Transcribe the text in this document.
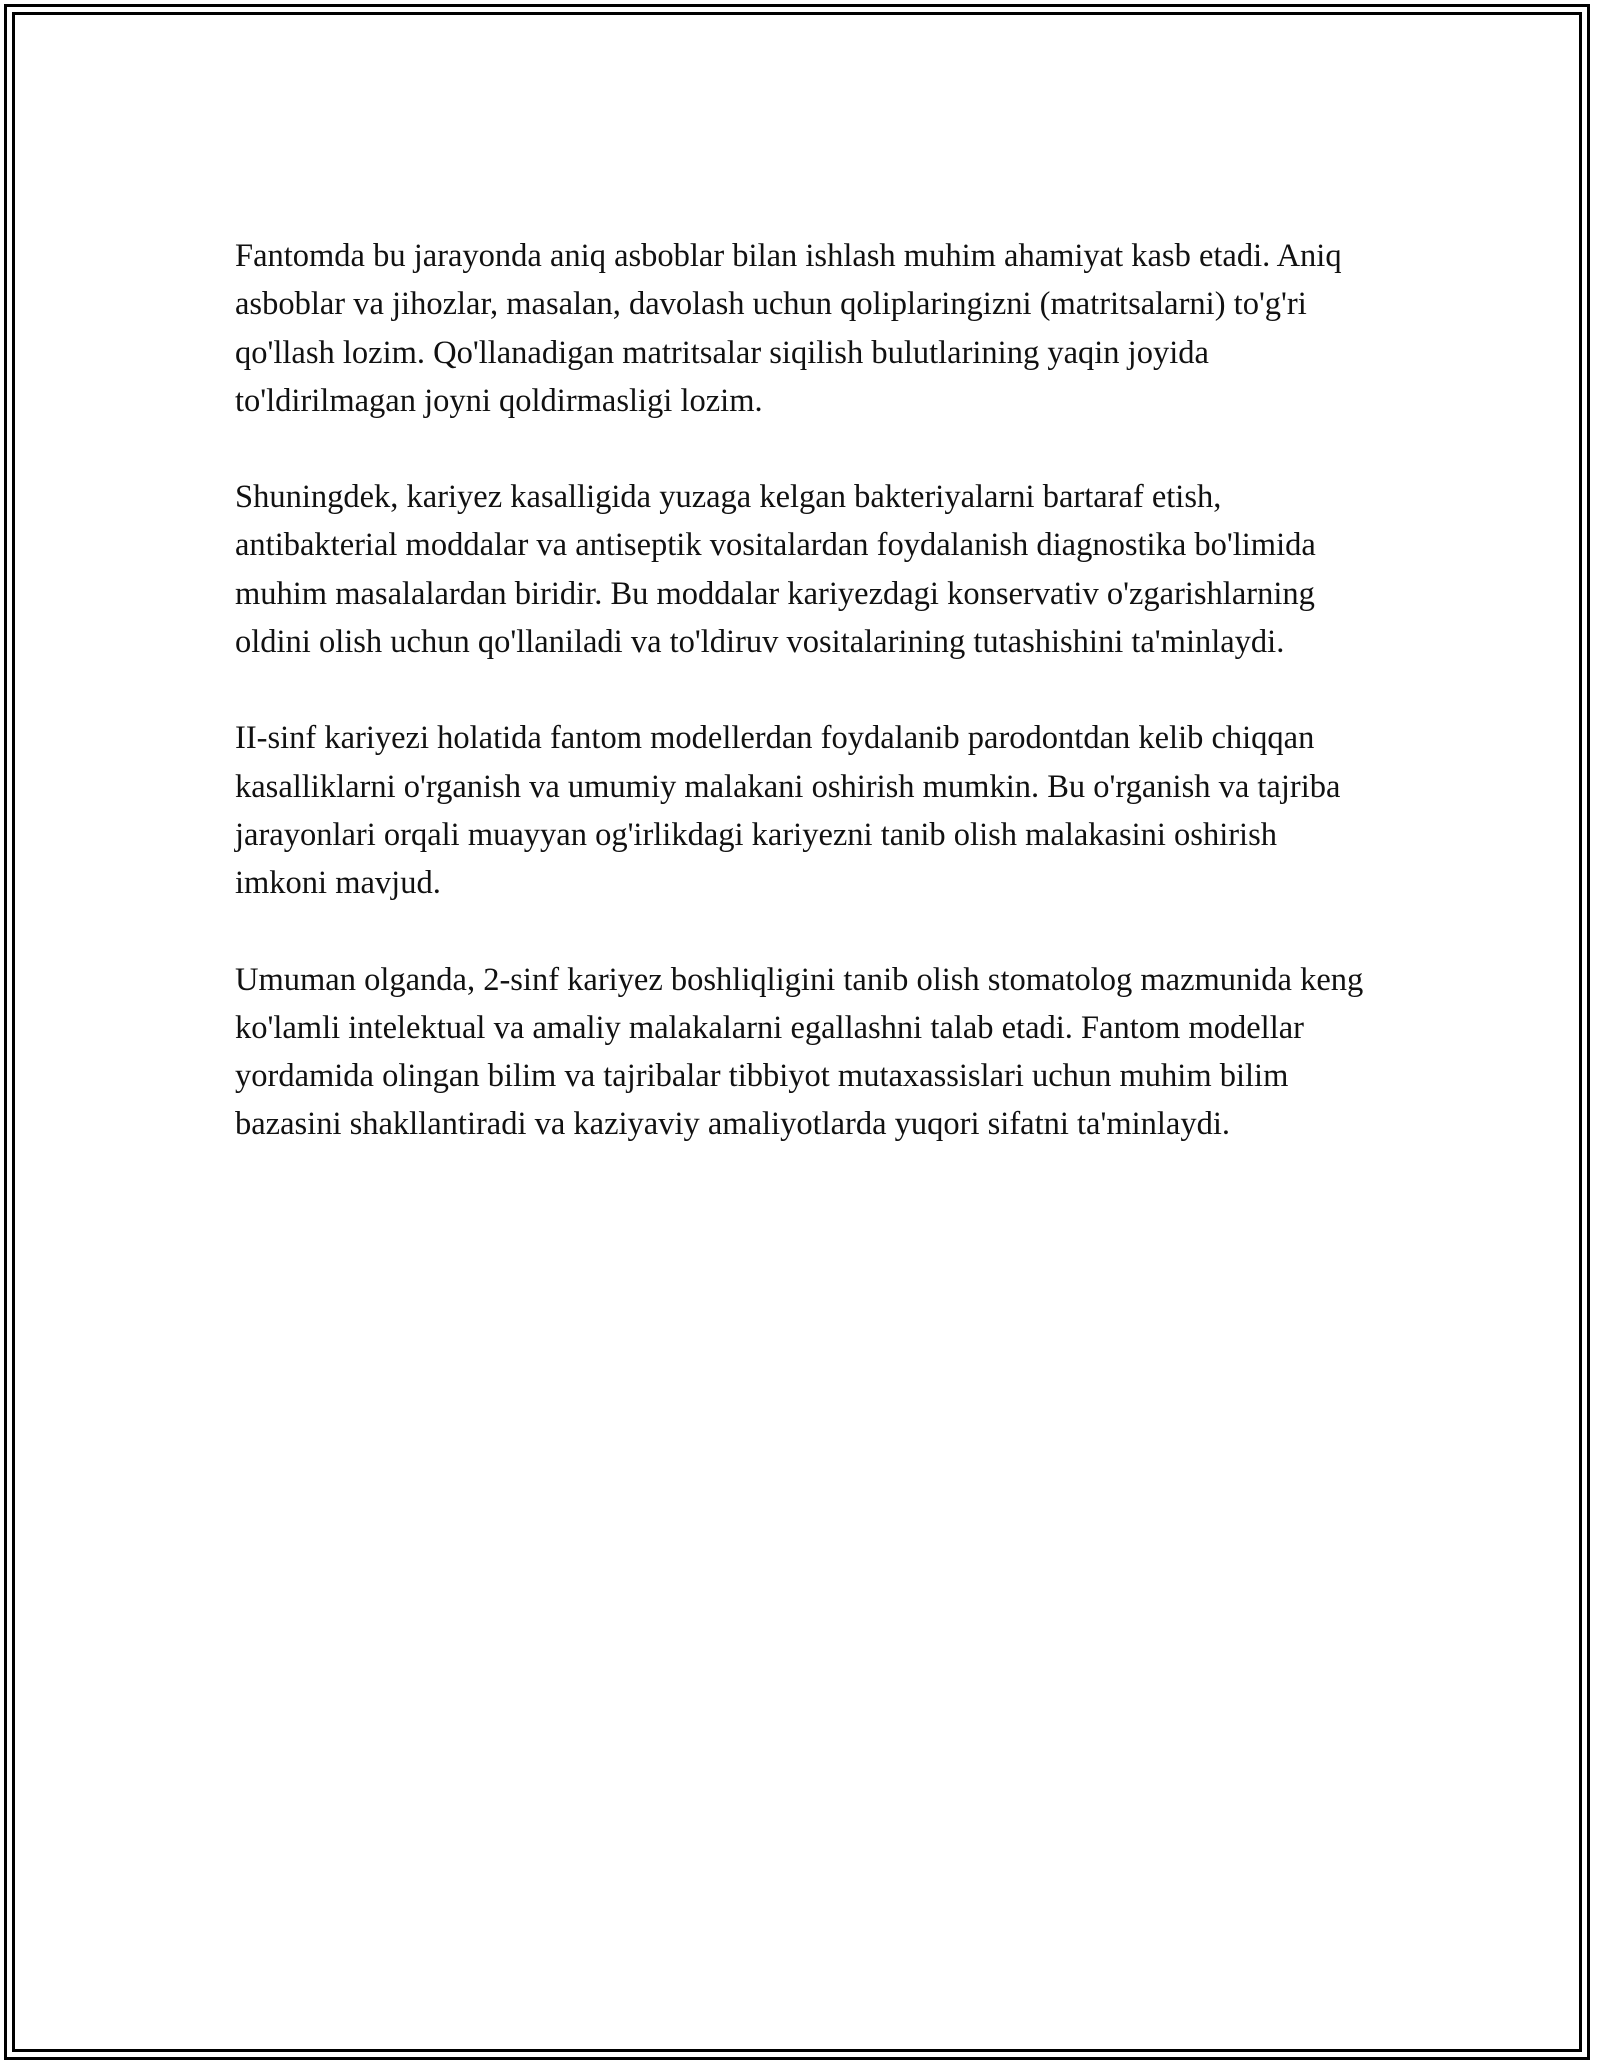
Fantomda bu jarayonda aniq asboblar bilan ishlash muhim ahamiyat kasb etadi. Aniq asboblar va jihozlar, masalan, davolash uchun qoliplaringizni (matritsalarni) to'g'ri qo'llash lozim. Qo'llanadigan matritsalar siqilish bulutlarining yaqin joyida to'ldirilmagan joyni qoldirmasligi lozim.

Shuningdek, kariyez kasalligida yuzaga kelgan bakteriyalarni bartaraf etish, antibakterial moddalar va antiseptik vositalardan foydalanish diagnostika bo'limida muhim masalalardan biridir. Bu moddalar kariyezdagi konservativ o'zgarishlarning oldini olish uchun qo'llaniladi va to'ldiruv vositalarining tutashishini ta'minlaydi.

II-sinf kariyezi holatida fantom modellerdan foydalanib parodontdan kelib chiqqan kasalliklarni o'rganish va umumiy malakani oshirish mumkin. Bu o'rganish va tajriba jarayonlari orqali muayyan og'irlikdagi kariyezni tanib olish malakasini oshirish imkoni mavjud.

Umuman olganda, 2-sinf kariyez boshliqligini tanib olish stomatolog mazmunida keng ko'lamli intelektual va amaliy malakalarni egallashni talab etadi. Fantom modellar yordamida olingan bilim va tajribalar tibbiyot mutaxassislari uchun muhim bilim bazasini shakllantiradi va kaziyaviy amaliyotlarda yuqori sifatni ta'minlaydi.
